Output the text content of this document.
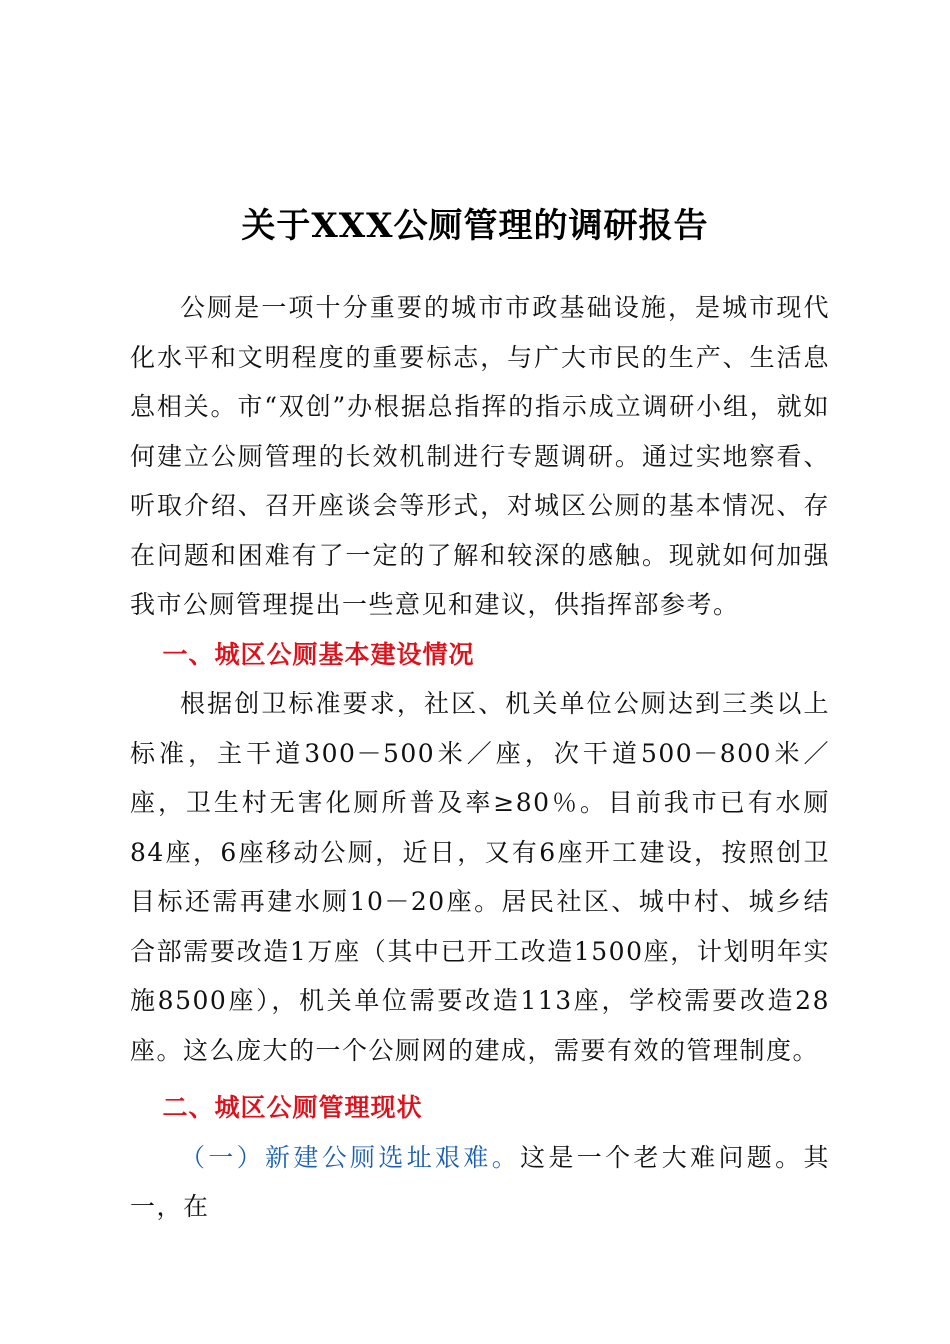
关于XXX公厕管理的调研报告

公厕是一项十分重要的城市市政基础设施，是城市现代化水平和文明程度的重要标志，与广大市民的生产、生活息息相关。市“双创”办根据总指挥的指示成立调研小组，就如何建立公厕管理的长效机制进行专题调研。通过实地察看、听取介绍、召开座谈会等形式，对城区公厕的基本情况、存在问题和困难有了一定的了解和较深的感触。现就如何加强我市公厕管理提出一些意见和建议，供指挥部参考。

一、城区公厕基本建设情况

根据创卫标准要求，社区、机关单位公厕达到三类以上标准，主干道300－500米／座，次干道500－800米／座，卫生村无害化厕所普及率≥80％。目前我市已有水厕84座，6座移动公厕，近日，又有6座开工建设，按照创卫目标还需再建水厕10－20座。居民社区、城中村、城乡结合部需要改造1万座（其中已开工改造1500座，计划明年实施8500座），机关单位需要改造113座，学校需要改造28座。这么庞大的一个公厕网的建成，需要有效的管理制度。

二、城区公厕管理现状

（一）新建公厕选址艰难。这是一个老大难问题。其一，在
